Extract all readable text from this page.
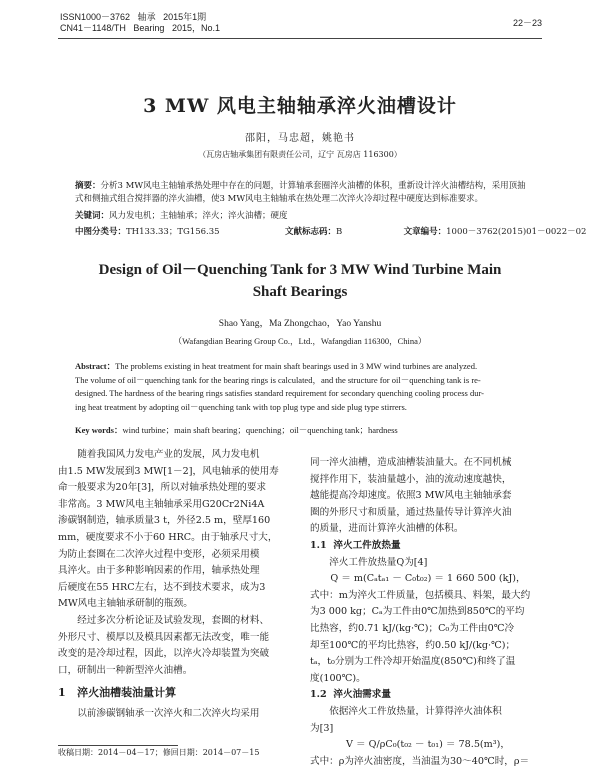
ISSN1000－3762 轴承 2015年1期
CN41－1148/TH Bearing 2015，No.1	22－23
3 MW 风电主轴轴承淬火油槽设计
邵阳，马忠超，姚艳书
（瓦房店轴承集团有限责任公司，辽宁 瓦房店 116300）
摘要：分析3 MW风电主轴轴承热处理中存在的问题，计算轴承套圈淬火油槽的体积，重新设计淬火油槽结构，采用顶抽式和侧抽式组合搅拌器的淬火油槽，使3 MW风电主轴轴承在热处理二次淬火冷却过程中硬度达到标准要求。
关键词：风力发电机；主轴轴承；淬火；淬火油槽；硬度
中图分类号：TH133.33；TG156.35	文献标志码：B	文章编号：1000－3762(2015)01－0022－02
Design of Oil－Quenching Tank for 3 MW Wind Turbine Main
Shaft Bearings
Shao Yang，Ma Zhongchao，Yao Yanshu
（Wafangdian Bearing Group Co.，Ltd.，Wafangdian 116300，China）
Abstract：The problems existing in heat treatment for main shaft bearings used in 3 MW wind turbines are analyzed.
The volume of oil－quenching tank for the bearing rings is calculated，and the structure for oil－quenching tank is re-
designed. The hardness of the bearing rings satisfies standard requirement for secondary quenching cooling process dur-
ing heat treatment by adopting oil－quenching tank with top plug type and side plug type stirrers.
Key words：wind turbine；main shaft bearing；quenching；oil－quenching tank；hardness

随着我国风力发电产业的发展，风力发电机

由1.5 MW发展到3 MW[1－2]，风电轴承的使用寿

命一般要求为20年[3]，所以对轴承热处理的要求

非常高。3 MW风电主轴轴承采用G20Cr2Ni4A

渗碳钢制造，轴承质量3 t，外径2.5 m，壁厚160

mm，硬度要求不小于60 HRC。由于轴承尺寸大，

为防止套圈在二次淬火过程中变形，必须采用模

具淬火。由于多种影响因素的作用，轴承热处理

后硬度在55 HRC左右，达不到技术要求，成为3

MW风电主轴轴承研制的瓶颈。

经过多次分析论证及试验发现，套圈的材料、

外形尺寸、模厚以及模具因素都无法改变，唯一能

改变的是冷却过程，因此，以淬火冷却装置为突破

口，研制出一种新型淬火油槽。

1 淬火油槽装油量计算

以前渗碳钢轴承一次淬火和二次淬火均采用

收稿日期：2014－04－17；修回日期：2014－07－15

同一淬火油槽，造成油槽装油量大。在不同机械

搅拌作用下，装油量越小，油的流动速度越快，

越能提高冷却速度。依照3 MW风电主轴轴承套

圈的外形尺寸和质量，通过热量传导计算淬火油

的质量，进而计算淬火油槽的体积。

1.1 淬火工件放热量

淬火工件放热量Q为[4]

Q ＝ m(Cₐtₐ₁ － C₀t₀₂) ＝ 1 660 500 (kJ)，

式中：m为淬火工件质量，包括模具、料架，最大约

为3 000 kg；Cₐ为工件由0℃加热到850℃的平均

比热容，约0.71 kJ/(kg·℃)；C₀为工件由0℃冷

却至100℃的平均比热容，约0.50 kJ/(kg·℃)；

tₐ，t₀分别为工件冷却开始温度(850℃)和终了温

度(100℃)。

1.2 淬火油需求量

依据淬火工件放热量，计算得淬火油体积

为[3]

V ＝ Q/ρC₀(t₀₂ － t₀₁) ＝ 78.5(m³)，

式中：ρ为淬火油密度，当油温为30～40℃时，ρ＝
